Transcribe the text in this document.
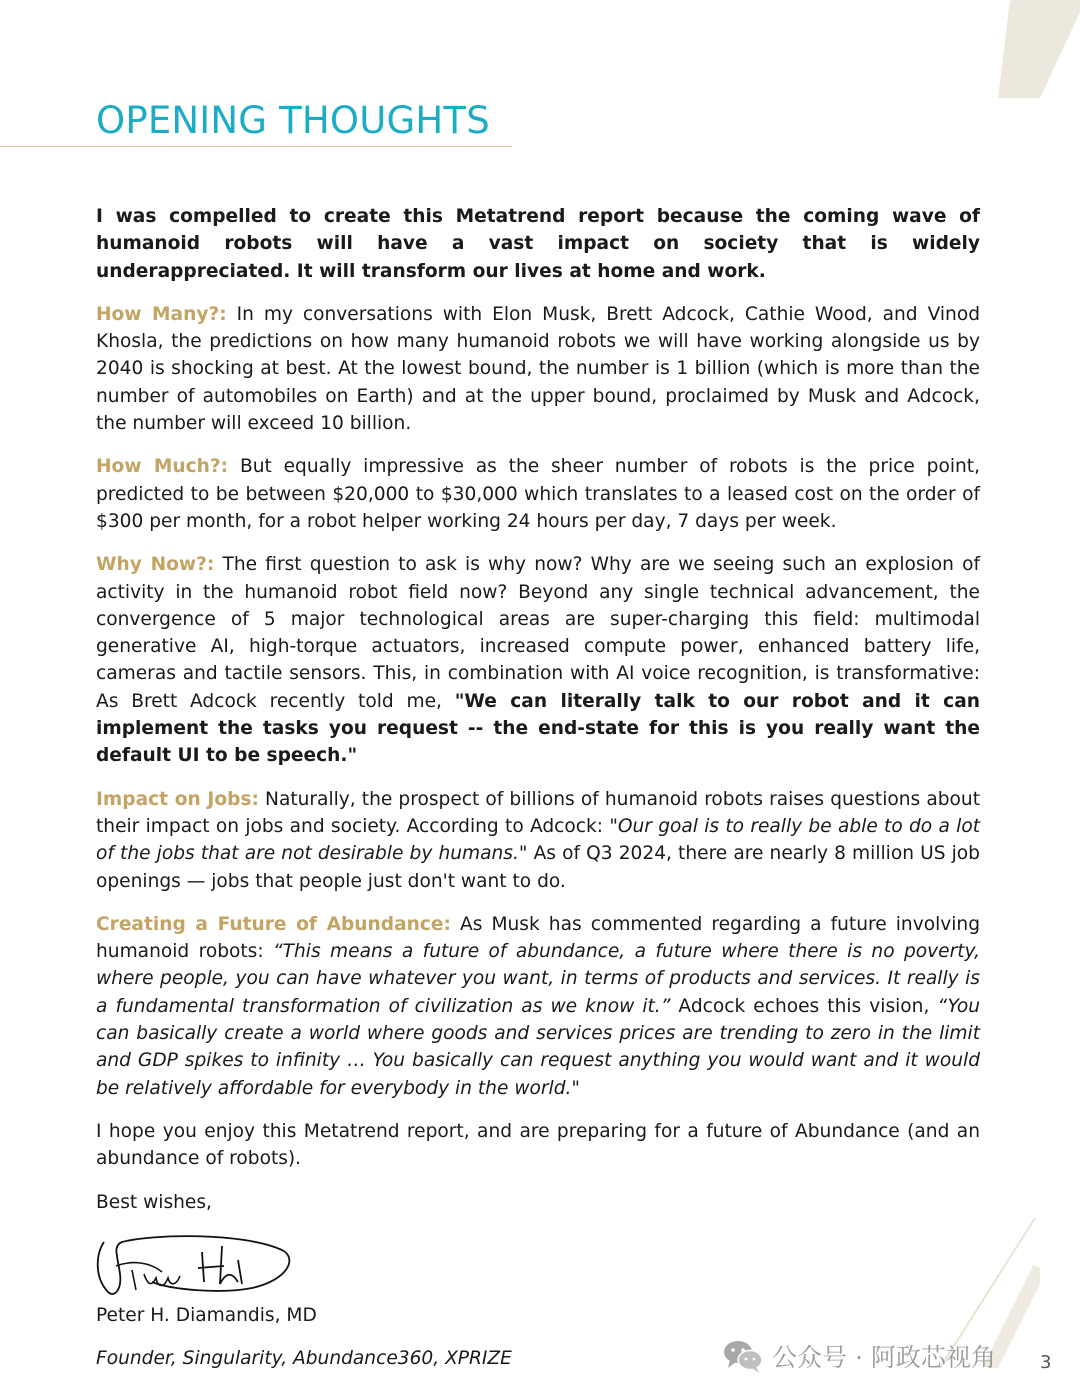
OPENING THOUGHTS

I was compelled to create this Metatrend report because the coming wave of humanoid robots will have a vast impact on society that is widely underappreciated. It will transform our lives at home and work.

How Many?: In my conversations with Elon Musk, Brett Adcock, Cathie Wood, and Vinod Khosla, the predictions on how many humanoid robots we will have working alongside us by 2040 is shocking at best. At the lowest bound, the number is 1 billion (which is more than the number of automobiles on Earth) and at the upper bound, proclaimed by Musk and Adcock, the number will exceed 10 billion.

How Much?: But equally impressive as the sheer number of robots is the price point, predicted to be between $20,000 to $30,000 which translates to a leased cost on the order of $300 per month, for a robot helper working 24 hours per day, 7 days per week.

Why Now?: The first question to ask is why now? Why are we seeing such an explosion of activity in the humanoid robot field now? Beyond any single technical advancement, the convergence of 5 major technological areas are super-charging this field: multimodal generative AI, high-torque actuators, increased compute power, enhanced battery life, cameras and tactile sensors. This, in combination with AI voice recognition, is transformative: As Brett Adcock recently told me, "We can literally talk to our robot and it can implement the tasks you request -- the end-state for this is you really want the default UI to be speech."

Impact on Jobs: Naturally, the prospect of billions of humanoid robots raises questions about their impact on jobs and society. According to Adcock: "Our goal is to really be able to do a lot of the jobs that are not desirable by humans." As of Q3 2024, there are nearly 8 million US job openings — jobs that people just don't want to do.

Creating a Future of Abundance: As Musk has commented regarding a future involving humanoid robots: “This means a future of abundance, a future where there is no poverty, where people, you can have whatever you want, in terms of products and services. It really is a fundamental transformation of civilization as we know it.” Adcock echoes this vision, “You can basically create a world where goods and services prices are trending to zero in the limit and GDP spikes to infinity … You basically can request anything you would want and it would be relatively affordable for everybody in the world."

I hope you enjoy this Metatrend report, and are preparing for a future of Abundance (and an abundance of robots).

Best wishes,

Peter H. Diamandis, MD

Founder, Singularity, Abundance360, XPRIZE	公众号 · 阿政芯视角 3
